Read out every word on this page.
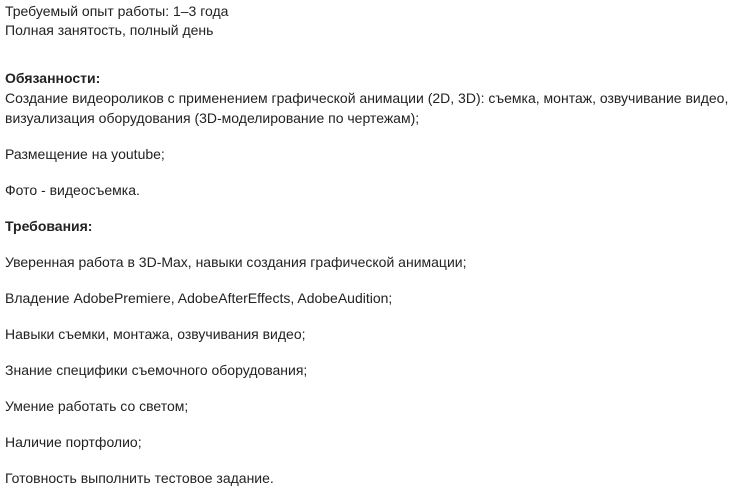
Требуемый опыт работы: 1–3 года
Полная занятость, полный день
Обязанности:
Создание видеороликов с применением графической анимации (2D, 3D): съемка, монтаж, озвучивание видео, визуализация оборудования (3D-моделирование по чертежам);
Размещение на youtube;
Фото - видеосъемка.
Требования:
Уверенная работа в 3D-Max, навыки создания графической анимации;
Владение AdobePremiere, AdobeAfterEffects, AdobeAudition;
Навыки съемки, монтажа, озвучивания видео;
Знание специфики съемочного оборудования;
Умение работать со светом;
Наличие портфолио;
Готовность выполнить тестовое задание.
